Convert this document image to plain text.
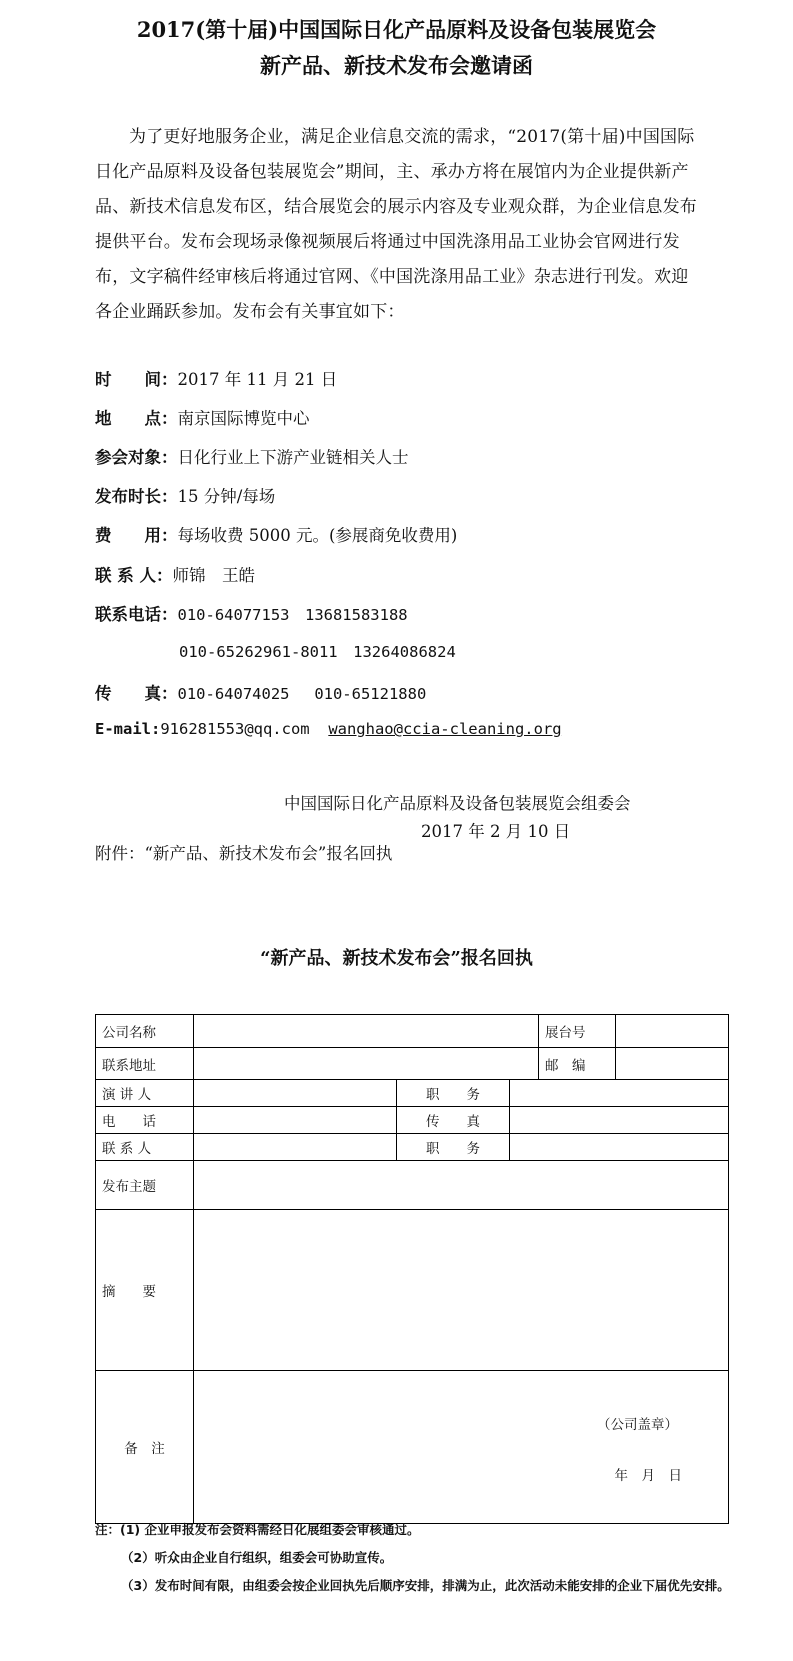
2017(第十届)中国国际日化产品原料及设备包装展览会
新产品、新技术发布会邀请函
为了更好地服务企业，满足企业信息交流的需求，“2017(第十届)中国国际日化产品原料及设备包装展览会”期间，主、承办方将在展馆内为企业提供新产品、新技术信息发布区，结合展览会的展示内容及专业观众群，为企业信息发布提供平台。发布会现场录像视频展后将通过中国洗涤用品工业协会官网进行发布，文字稿件经审核后将通过官网、《中国洗涤用品工业》杂志进行刊发。欢迎各企业踊跃参加。发布会有关事宜如下：
时　　间：2017 年 11 月 21 日
地　　点：南京国际博览中心
参会对象：日化行业上下游产业链相关人士
发布时长：15 分钟/每场
费　　用：每场收费 5000 元。(参展商免收费用)
联 系 人：师锦　王皓
联系电话：010-64077153　13681583188
010-65262961-8011　13264086824
传　　真：010-64074025　 010-65121880
E-mail:916281553@qq.com wanghao@ccia-cleaning.org
中国国际日化产品原料及设备包装展览会组委会
2017 年 2 月 10 日
附件：“新产品、新技术发布会”报名回执
“新产品、新技术发布会”报名回执
公司名称				展台号	
联系地址				邮　编	
演 讲 人		职　　务			
电　　话		传　　真			
联 系 人		职　　务			
发布主题					
摘　　要					
备　注	（公司盖章）
年　月　日				
注：(1) 企业申报发布会资料需经日化展组委会审核通过。
（2）听众由企业自行组织，组委会可协助宣传。
（3）发布时间有限，由组委会按企业回执先后顺序安排，排满为止，此次活动未能安排的企业下届优先安排。
